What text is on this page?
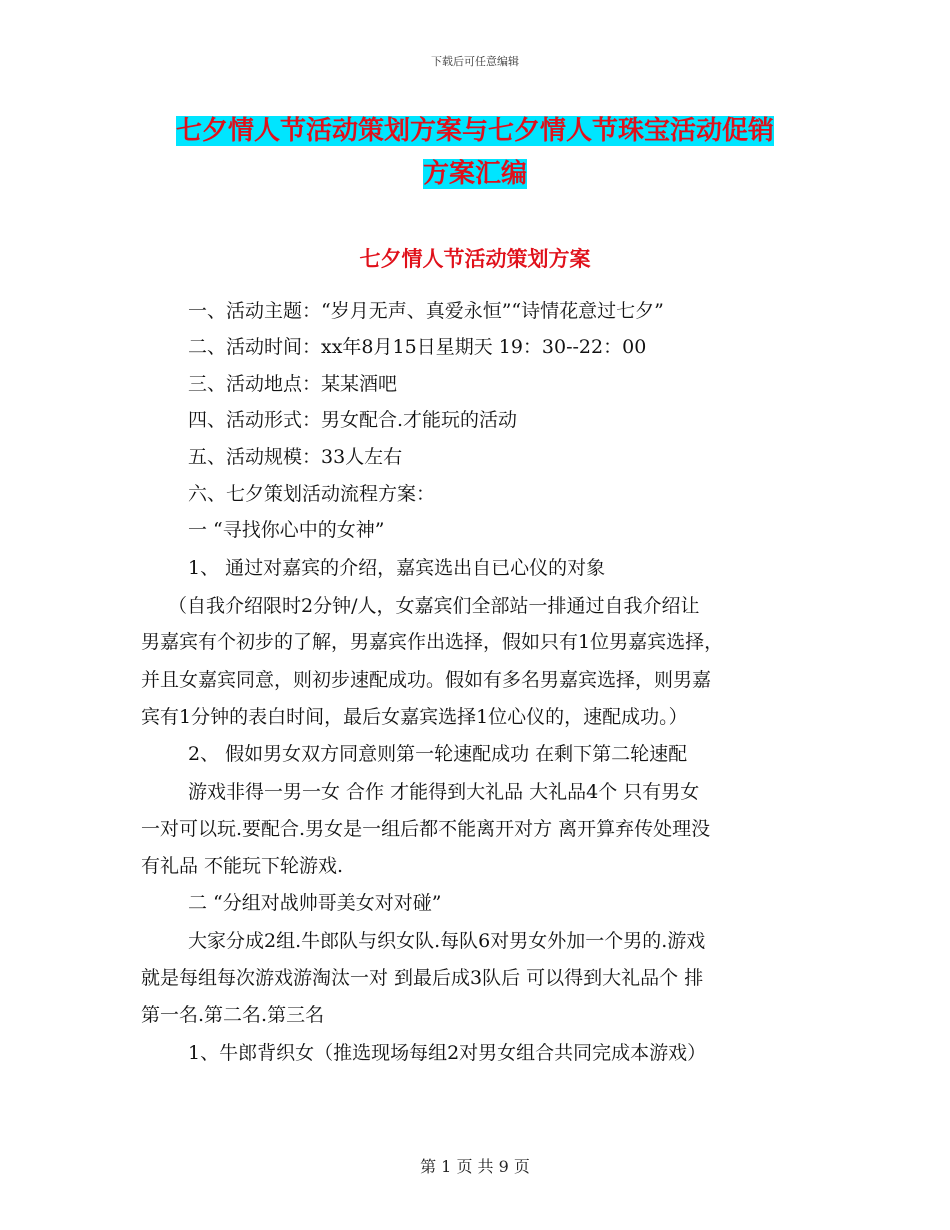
下载后可任意编辑
七夕情人节活动策划方案与七夕情人节珠宝活动促销
方案汇编
七夕情人节活动策划方案
一、活动主题：“岁月无声、真爱永恒”“诗情花意过七夕”
二、活动时间：xx年8月15日星期天 19：30--22：00
三、活动地点：某某酒吧
四、活动形式：男女配合.才能玩的活动
五、活动规模：33人左右
六、七夕策划活动流程方案：
一 “寻找你心中的女神”
1、 通过对嘉宾的介绍，嘉宾选出自已心仪的对象
（自我介绍限时2分钟/人，女嘉宾们全部站一排通过自我介绍让
男嘉宾有个初步的了解，男嘉宾作出选择，假如只有1位男嘉宾选择，
并且女嘉宾同意，则初步速配成功。假如有多名男嘉宾选择，则男嘉
宾有1分钟的表白时间，最后女嘉宾选择1位心仪的，速配成功。）
2、 假如男女双方同意则第一轮速配成功 在剩下第二轮速配
游戏非得一男一女 合作 才能得到大礼品 大礼品4个 只有男女
一对可以玩.要配合.男女是一组后都不能离开对方 离开算弃传处理没
有礼品 不能玩下轮游戏.
二 “分组对战帅哥美女对对碰”
大家分成2组.牛郎队与织女队.每队6对男女外加一个男的.游戏
就是每组每次游戏游淘汰一对 到最后成3队后 可以得到大礼品个 排
第一名.第二名.第三名
1、牛郎背织女（推选现场每组2对男女组合共同完成本游戏）
第 1 页 共 9 页
